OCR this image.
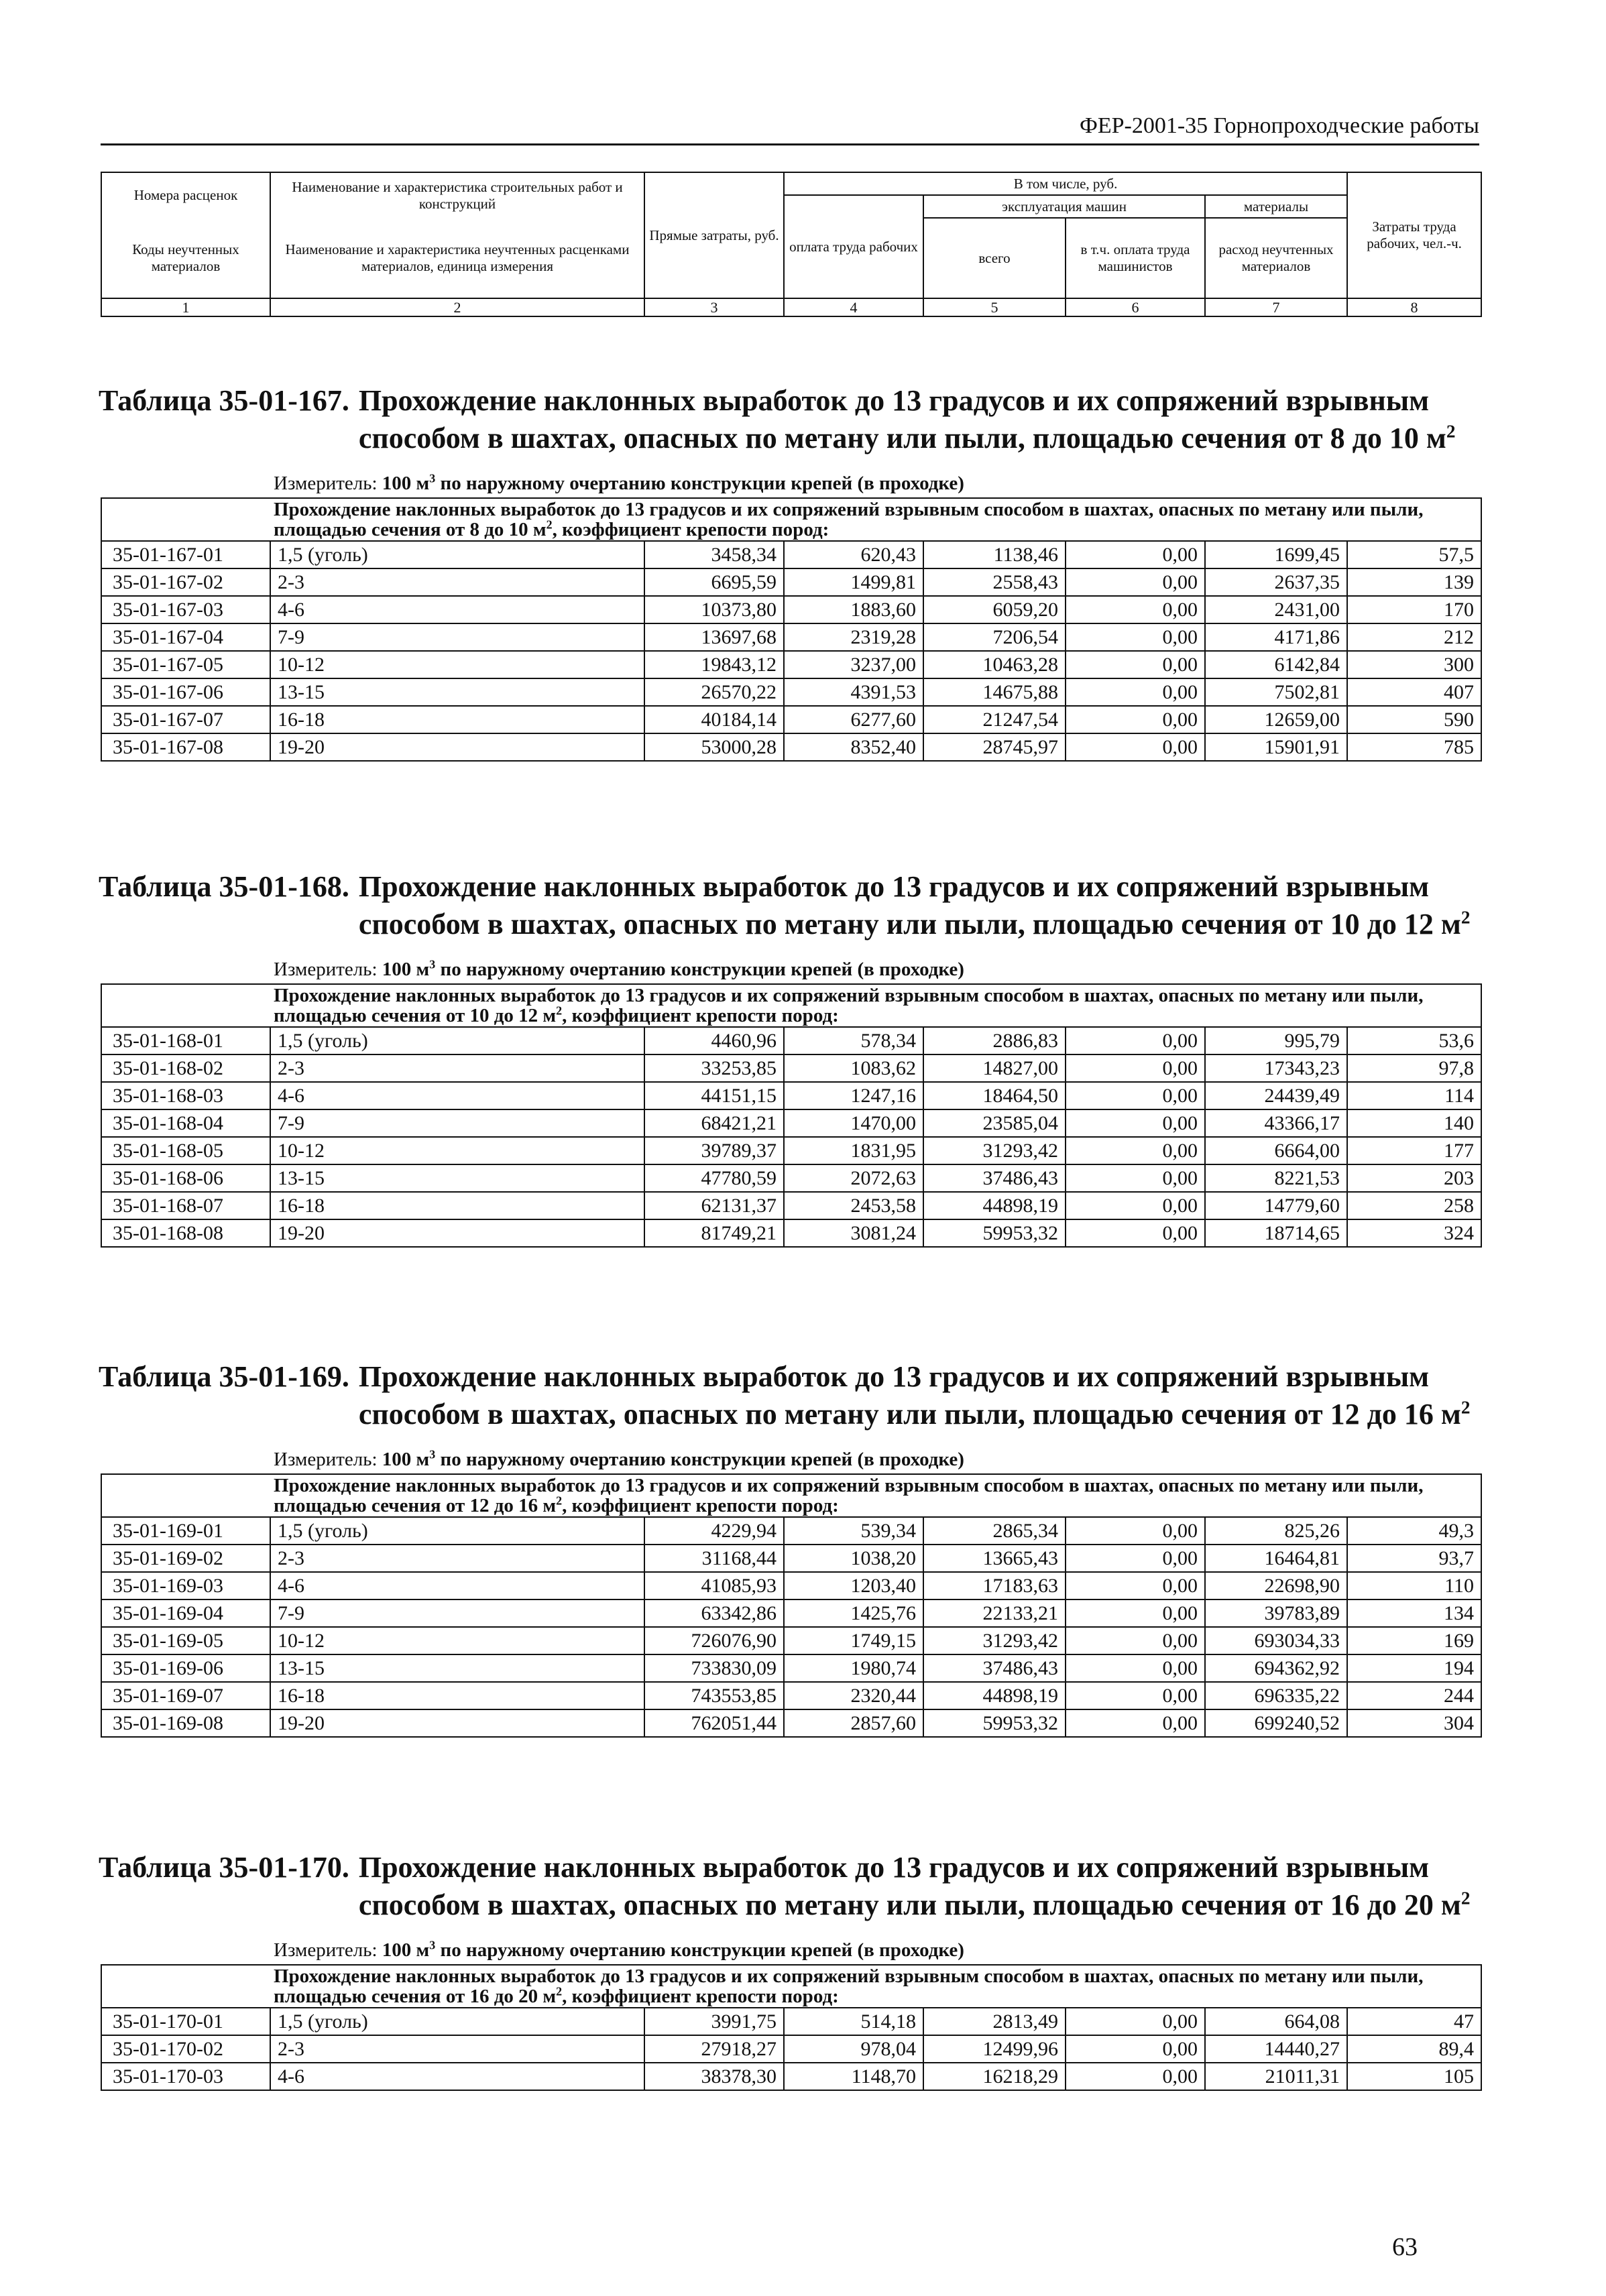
ФЕР-2001-35 Горнопроходческие работы
Номера расценок	Наименование и характеристика строительных работ и конструкций	Прямые затраты, руб.	В том числе, руб.				Затраты труда рабочих, чел.-ч.
			оплата труда рабочих	эксплуатация машин		материалы	
Коды неучтенных материалов	Наименование и характеристика неучтенных расценками материалов, единица измерения			всего	в т.ч. оплата труда машинистов	расход неучтенных материалов	

1	2	3	4	5	6	7	8
Таблица 35-01-167. Прохождение наклонных выработок до 13 градусов и их сопряжений взрывным способом в шахтах, опасных по метану или пыли, площадью сечения от 8 до 10 $м^2$
Измеритель: 100 $м^3$ по наружному очертанию конструкции крепей (в проходке)
Прохождение наклонных выработок до 13 градусов и их сопряжений взрывным способом в шахтах, опасных по метану или пыли, площадью сечения от 8 до 10 $м^2$, коэффициент крепости пород:							
35-01-167-01	1,5 (уголь)	3458,34	620,43	1138,46	0,00	1699,45	57,5
35-01-167-02	2-3	6695,59	1499,81	2558,43	0,00	2637,35	139
35-01-167-03	4-6	10373,80	1883,60	6059,20	0,00	2431,00	170
35-01-167-04	7-9	13697,68	2319,28	7206,54	0,00	4171,86	212
35-01-167-05	10-12	19843,12	3237,00	10463,28	0,00	6142,84	300
35-01-167-06	13-15	26570,22	4391,53	14675,88	0,00	7502,81	407
35-01-167-07	16-18	40184,14	6277,60	21247,54	0,00	12659,00	590
35-01-167-08	19-20	53000,28	8352,40	28745,97	0,00	15901,91	785
Таблица 35-01-168. Прохождение наклонных выработок до 13 градусов и их сопряжений взрывным способом в шахтах, опасных по метану или пыли, площадью сечения от 10 до 12 $м^2$
Измеритель: 100 $м^3$ по наружному очертанию конструкции крепей (в проходке)
Прохождение наклонных выработок до 13 градусов и их сопряжений взрывным способом в шахтах, опасных по метану или пыли, площадью сечения от 10 до 12 $м^2$, коэффициент крепости пород:							
35-01-168-01	1,5 (уголь)	4460,96	578,34	2886,83	0,00	995,79	53,6
35-01-168-02	2-3	33253,85	1083,62	14827,00	0,00	17343,23	97,8
35-01-168-03	4-6	44151,15	1247,16	18464,50	0,00	24439,49	114
35-01-168-04	7-9	68421,21	1470,00	23585,04	0,00	43366,17	140
35-01-168-05	10-12	39789,37	1831,95	31293,42	0,00	6664,00	177
35-01-168-06	13-15	47780,59	2072,63	37486,43	0,00	8221,53	203
35-01-168-07	16-18	62131,37	2453,58	44898,19	0,00	14779,60	258
35-01-168-08	19-20	81749,21	3081,24	59953,32	0,00	18714,65	324
Таблица 35-01-169. Прохождение наклонных выработок до 13 градусов и их сопряжений взрывным способом в шахтах, опасных по метану или пыли, площадью сечения от 12 до 16 $м^2$
Измеритель: 100 $м^3$ по наружному очертанию конструкции крепей (в проходке)
Прохождение наклонных выработок до 13 градусов и их сопряжений взрывным способом в шахтах, опасных по метану или пыли, площадью сечения от 12 до 16 $м^2$, коэффициент крепости пород:							
35-01-169-01	1,5 (уголь)	4229,94	539,34	2865,34	0,00	825,26	49,3
35-01-169-02	2-3	31168,44	1038,20	13665,43	0,00	16464,81	93,7
35-01-169-03	4-6	41085,93	1203,40	17183,63	0,00	22698,90	110
35-01-169-04	7-9	63342,86	1425,76	22133,21	0,00	39783,89	134
35-01-169-05	10-12	726076,90	1749,15	31293,42	0,00	693034,33	169
35-01-169-06	13-15	733830,09	1980,74	37486,43	0,00	694362,92	194
35-01-169-07	16-18	743553,85	2320,44	44898,19	0,00	696335,22	244
35-01-169-08	19-20	762051,44	2857,60	59953,32	0,00	699240,52	304
Таблица 35-01-170. Прохождение наклонных выработок до 13 градусов и их сопряжений взрывным способом в шахтах, опасных по метану или пыли, площадью сечения от 16 до 20 $м^2$
Измеритель: 100 $м^3$ по наружному очертанию конструкции крепей (в проходке)
Прохождение наклонных выработок до 13 градусов и их сопряжений взрывным способом в шахтах, опасных по метану или пыли, площадью сечения от 16 до 20 $м^2$, коэффициент крепости пород:							
35-01-170-01	1,5 (уголь)	3991,75	514,18	2813,49	0,00	664,08	47
35-01-170-02	2-3	27918,27	978,04	12499,96	0,00	14440,27	89,4
35-01-170-03	4-6	38378,30	1148,70	16218,29	0,00	21011,31	105
63
